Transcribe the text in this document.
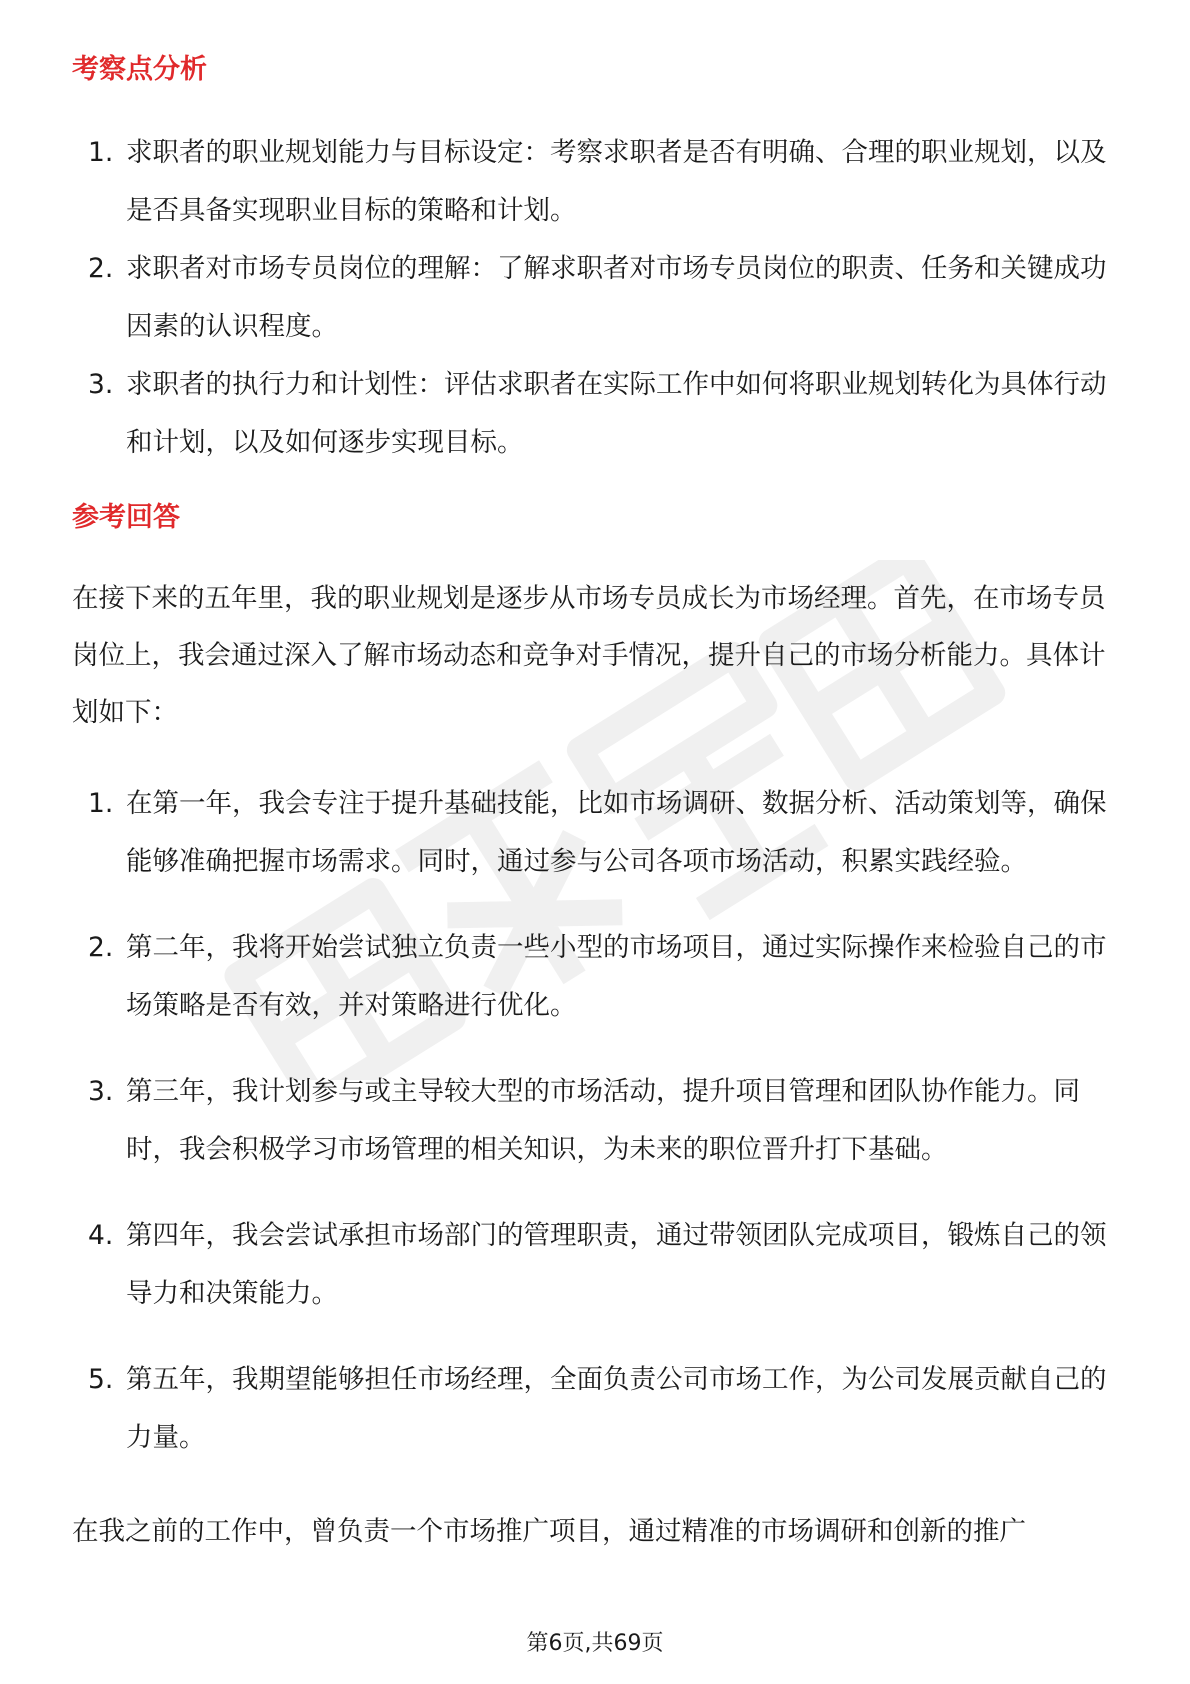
考察点分析
1. 求职者的职业规划能力与目标设定：考察求职者是否有明确、合理的职业规划，以及是否具备实现职业目标的策略和计划。
2. 求职者对市场专员岗位的理解：了解求职者对市场专员岗位的职责、任务和关键成功因素的认识程度。
3. 求职者的执行力和计划性：评估求职者在实际工作中如何将职业规划转化为具体行动和计划，以及如何逐步实现目标。
参考回答

在接下来的五年里，我的职业规划是逐步从市场专员成长为市场经理。首先，在市场专员岗位上，我会通过深入了解市场动态和竞争对手情况，提升自己的市场分析能力。具体计划如下：

1. 在第一年，我会专注于提升基础技能，比如市场调研、数据分析、活动策划等，确保能够准确把握市场需求。同时，通过参与公司各项市场活动，积累实践经验。
2. 第二年，我将开始尝试独立负责一些小型的市场项目，通过实际操作来检验自己的市场策略是否有效，并对策略进行优化。
3. 第三年，我计划参与或主导较大型的市场活动，提升项目管理和团队协作能力。同时，我会积极学习市场管理的相关知识，为未来的职位晋升打下基础。
4. 第四年，我会尝试承担市场部门的管理职责，通过带领团队完成项目，锻炼自己的领导力和决策能力。
5. 第五年，我期望能够担任市场经理，全面负责公司市场工作，为公司发展贡献自己的力量。

在我之前的工作中，曾负责一个市场推广项目，通过精准的市场调研和创新的推广

第6页,共69页
